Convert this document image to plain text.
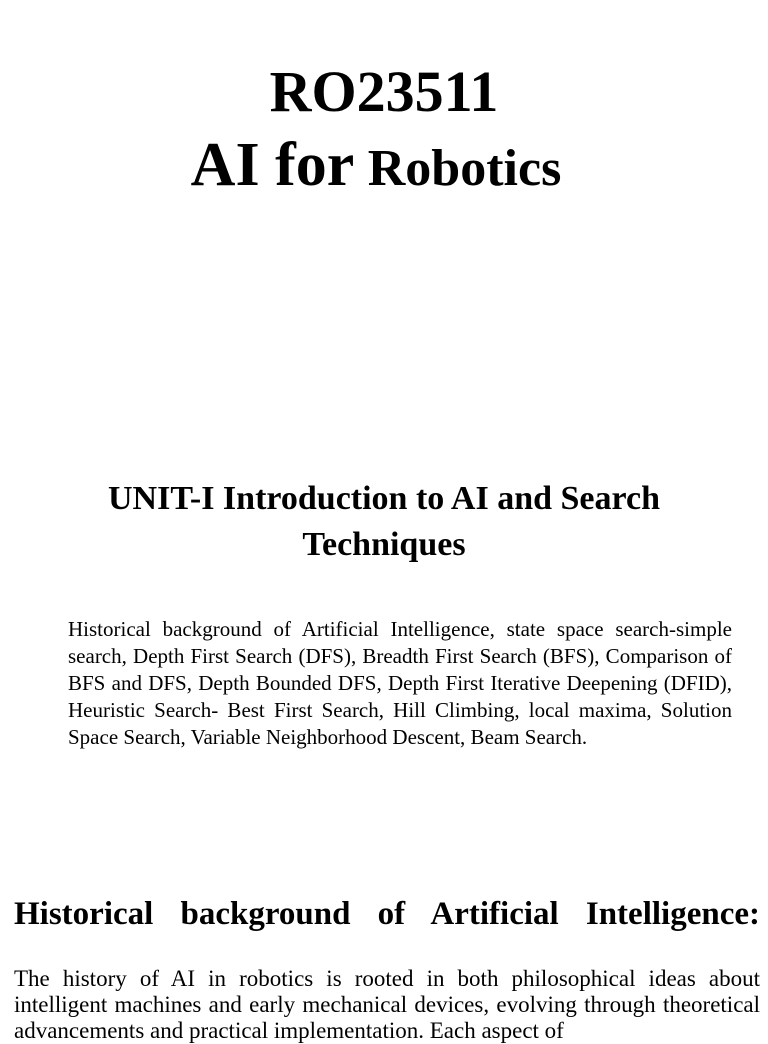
RO23511
AI for Robotics
UNIT-I Introduction to AI and Search Techniques
Historical background of Artificial Intelligence, state space search-simple search, Depth First Search (DFS), Breadth First Search (BFS), Comparison of BFS and DFS, Depth Bounded DFS, Depth First Iterative Deepening (DFID), Heuristic Search- Best First Search, Hill Climbing, local maxima, Solution Space Search, Variable Neighborhood Descent, Beam Search.
Historical background of Artificial Intelligence:
The history of AI in robotics is rooted in both philosophical ideas about intelligent machines and early mechanical devices, evolving through theoretical advancements and practical implementation. Each aspect of
